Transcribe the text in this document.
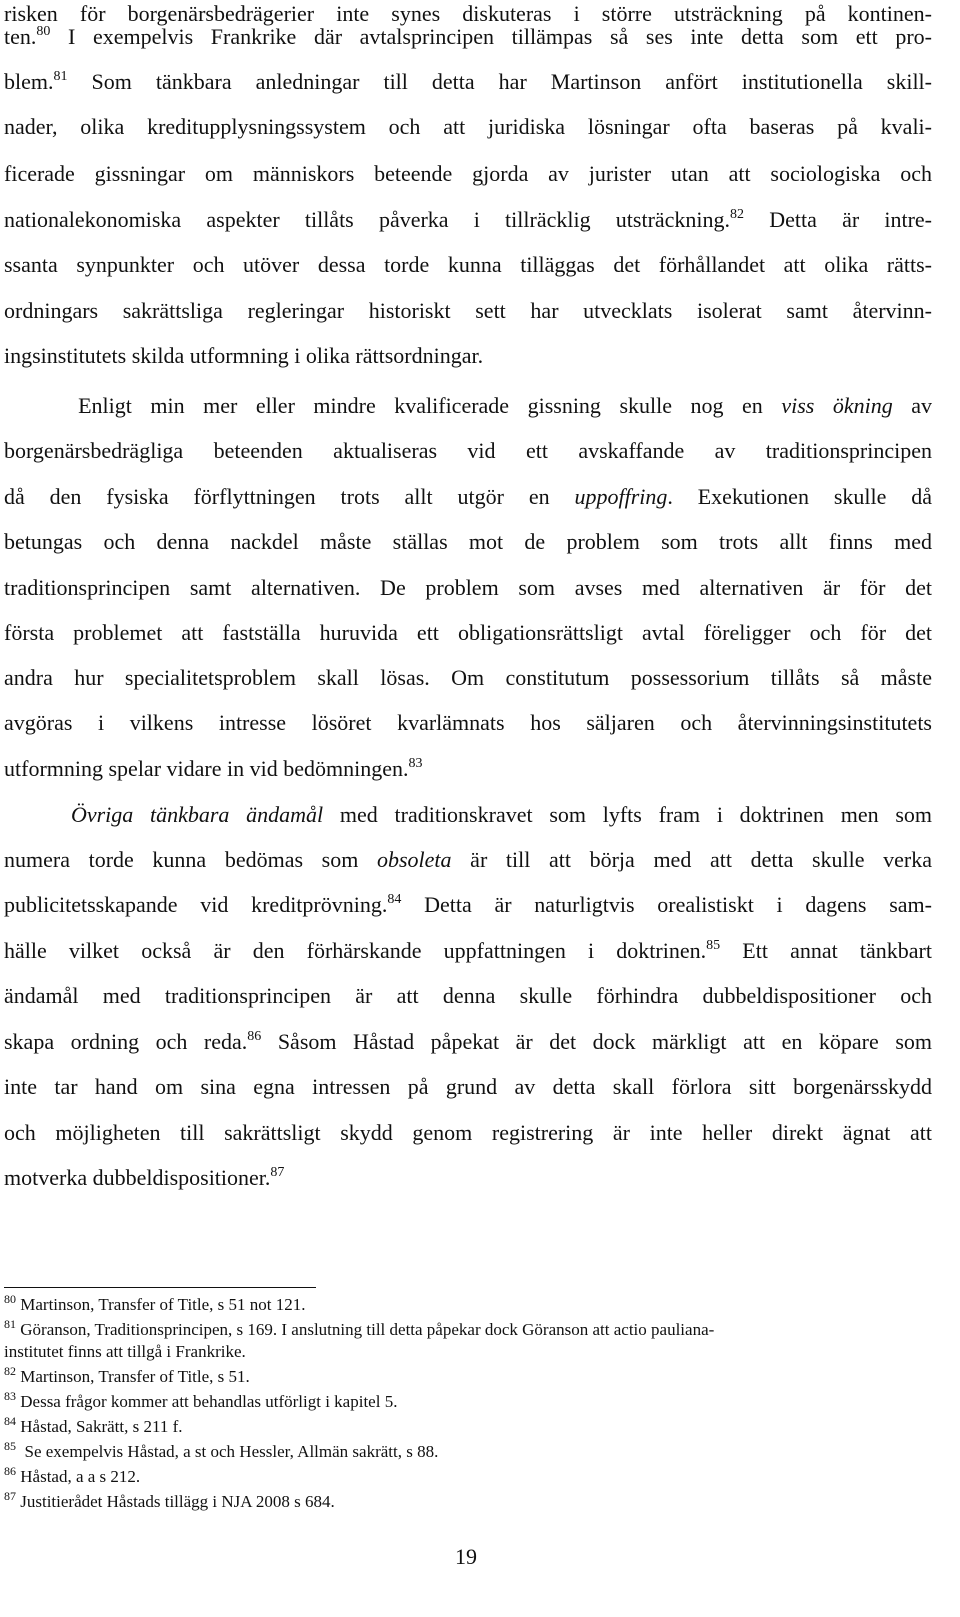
risken för borgenärsbedrägerier inte synes diskuteras i större utsträckning på kontinen-
ten.$^{80}$ I exempelvis Frankrike där avtalsprincipen tillämpas så ses inte detta som ett pro-
blem.$^{81}$ Som tänkbara anledningar till detta har Martinson anfört institutionella skill-
nader, olika kreditupplysningssystem och att juridiska lösningar ofta baseras på kvali-
ficerade gissningar om människors beteende gjorda av jurister utan att sociologiska och
nationalekonomiska aspekter tillåts påverka i tillräcklig utsträckning.$^{82}$ Detta är intre-
ssanta synpunkter och utöver dessa torde kunna tilläggas det förhållandet att olika rätts-
ordningars sakrättsliga regleringar historiskt sett har utvecklats isolerat samt återvinn-
ingsinstitutets skilda utformning i olika rättsordningar.
Enligt min mer eller mindre kvalificerade gissning skulle nog en viss ökning av
borgenärsbedrägliga beteenden aktualiseras vid ett avskaffande av traditionsprincipen
då den fysiska förflyttningen trots allt utgör en uppoffring. Exekutionen skulle då
betungas och denna nackdel måste ställas mot de problem som trots allt finns med
traditionsprincipen samt alternativen. De problem som avses med alternativen är för det
första problemet att fastställa huruvida ett obligationsrättsligt avtal föreligger och för det
andra hur specialitetsproblem skall lösas. Om constitutum possessorium tillåts så måste
avgöras i vilkens intresse lösöret kvarlämnats hos säljaren och återvinningsinstitutets
utformning spelar vidare in vid bedömningen.$^{83}$
Övriga tänkbara ändamål med traditionskravet som lyfts fram i doktrinen men som
numera torde kunna bedömas som obsoleta är till att börja med att detta skulle verka
publicitetsskapande vid kreditprövning.$^{84}$ Detta är naturligtvis orealistiskt i dagens sam-
hälle vilket också är den förhärskande uppfattningen i doktrinen.$^{85}$ Ett annat tänkbart
ändamål med traditionsprincipen är att denna skulle förhindra dubbeldispositioner och
skapa ordning och reda.$^{86}$ Såsom Håstad påpekat är det dock märkligt att en köpare som
inte tar hand om sina egna intressen på grund av detta skall förlora sitt borgenärsskydd
och möjligheten till sakrättsligt skydd genom registrering är inte heller direkt ägnat att
motverka dubbeldispositioner.$^{87}$
$^{80}$ Martinson, Transfer of Title, s 51 not 121.
$^{81}$ Göranson, Traditionsprincipen, s 169. I anslutning till detta påpekar dock Göranson att actio pauliana-
institutet finns att tillgå i Frankrike.
$^{82}$ Martinson, Transfer of Title, s 51.
$^{83}$ Dessa frågor kommer att behandlas utförligt i kapitel 5.
$^{84}$ Håstad, Sakrätt, s 211 f.
$^{85}$  Se exempelvis Håstad, a st och Hessler, Allmän sakrätt, s 88.
$^{86}$ Håstad, a a s 212.
$^{87}$ Justitierådet Håstads tillägg i NJA 2008 s 684.
19
